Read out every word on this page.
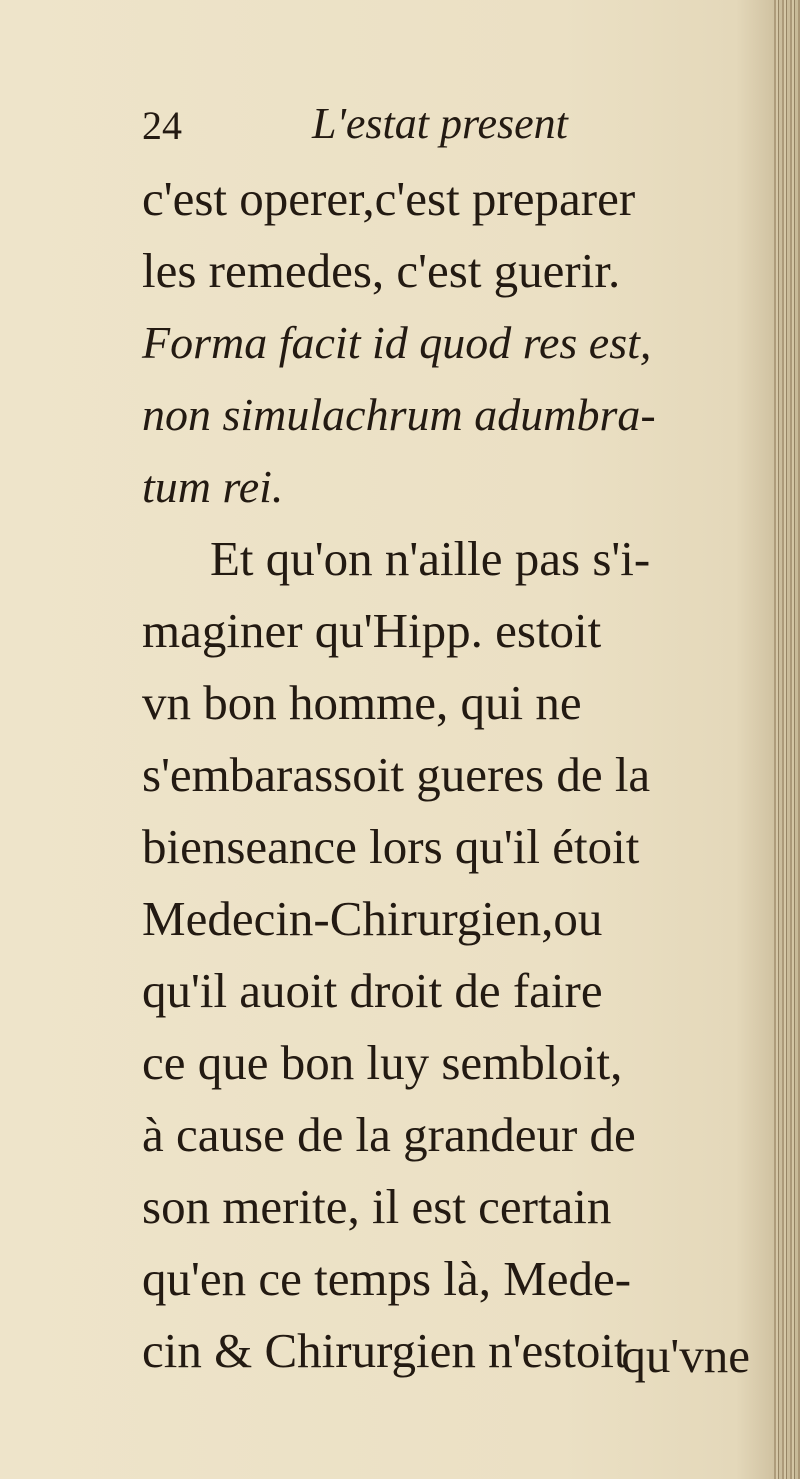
24	L'estat present
c'est operer,c'est preparer
les remedes, c'est guerir.
Forma facit id quod res est,
non simulachrum adumbra-
tum rei.
Et qu'on n'aille pas s'i-
maginer qu'Hipp. estoit
vn bon homme, qui ne
s'embarassoit gueres de la
bienseance lors qu'il étoit
Medecin-Chirurgien,ou
qu'il auoit droit de faire
ce que bon luy sembloit,
à cause de la grandeur de
son merite, il est certain
qu'en ce temps là, Mede-
cin & Chirurgien n'estoit
qu'vne
